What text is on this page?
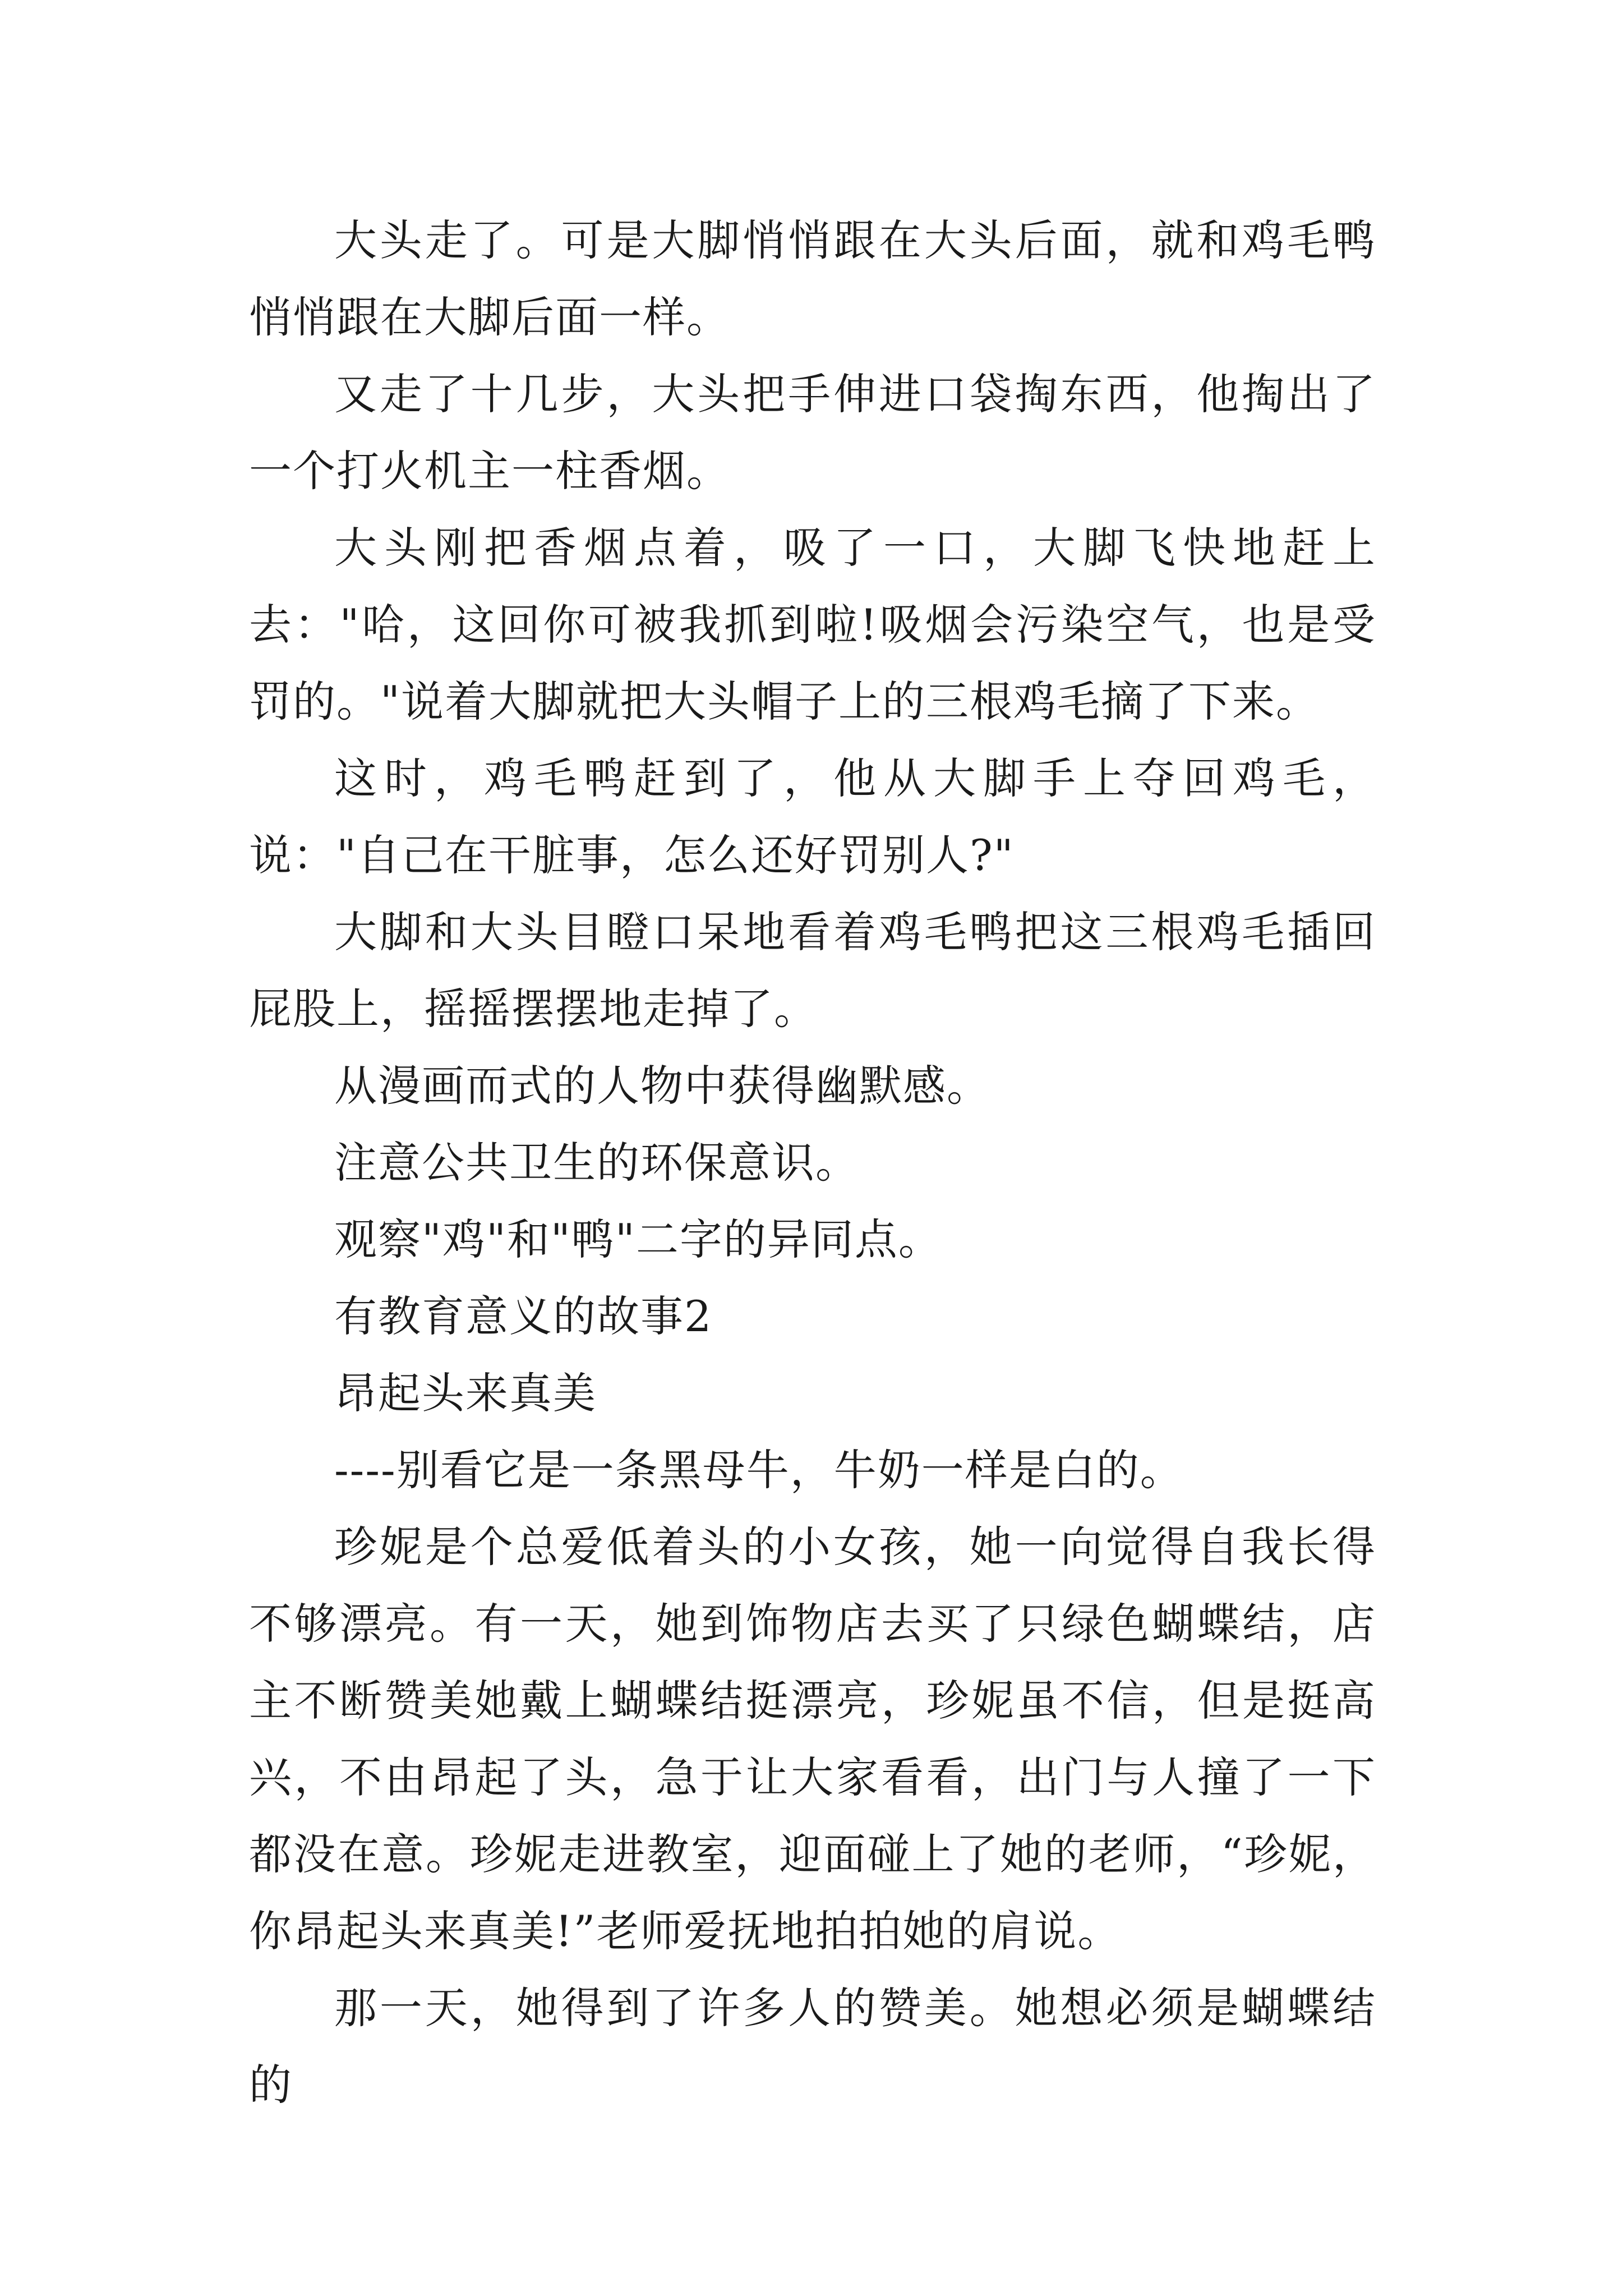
大头走了。可是大脚悄悄跟在大头后面，就和鸡毛鸭悄悄跟在大脚后面一样。

又走了十几步，大头把手伸进口袋掏东西，他掏出了一个打火机主一柱香烟。

大头刚把香烟点着，吸了一口，大脚飞快地赶上去："哈，这回你可被我抓到啦!吸烟会污染空气，也是受罚的。"说着大脚就把大头帽子上的三根鸡毛摘了下来。

这时，鸡毛鸭赶到了，他从大脚手上夺回鸡毛，说："自己在干脏事，怎么还好罚别人?"

大脚和大头目瞪口呆地看着鸡毛鸭把这三根鸡毛插回屁股上，摇摇摆摆地走掉了。

从漫画而式的人物中获得幽默感。

注意公共卫生的环保意识。

观察"鸡"和"鸭"二字的异同点。

有教育意义的故事2

昂起头来真美

----别看它是一条黑母牛，牛奶一样是白的。

珍妮是个总爱低着头的小女孩，她一向觉得自我长得不够漂亮。有一天，她到饰物店去买了只绿色蝴蝶结，店主不断赞美她戴上蝴蝶结挺漂亮，珍妮虽不信，但是挺高兴，不由昂起了头，急于让大家看看，出门与人撞了一下都没在意。珍妮走进教室，迎面碰上了她的老师，“珍妮，你昂起头来真美!”老师爱抚地拍拍她的肩说。

那一天，她得到了许多人的赞美。她想必须是蝴蝶结的
